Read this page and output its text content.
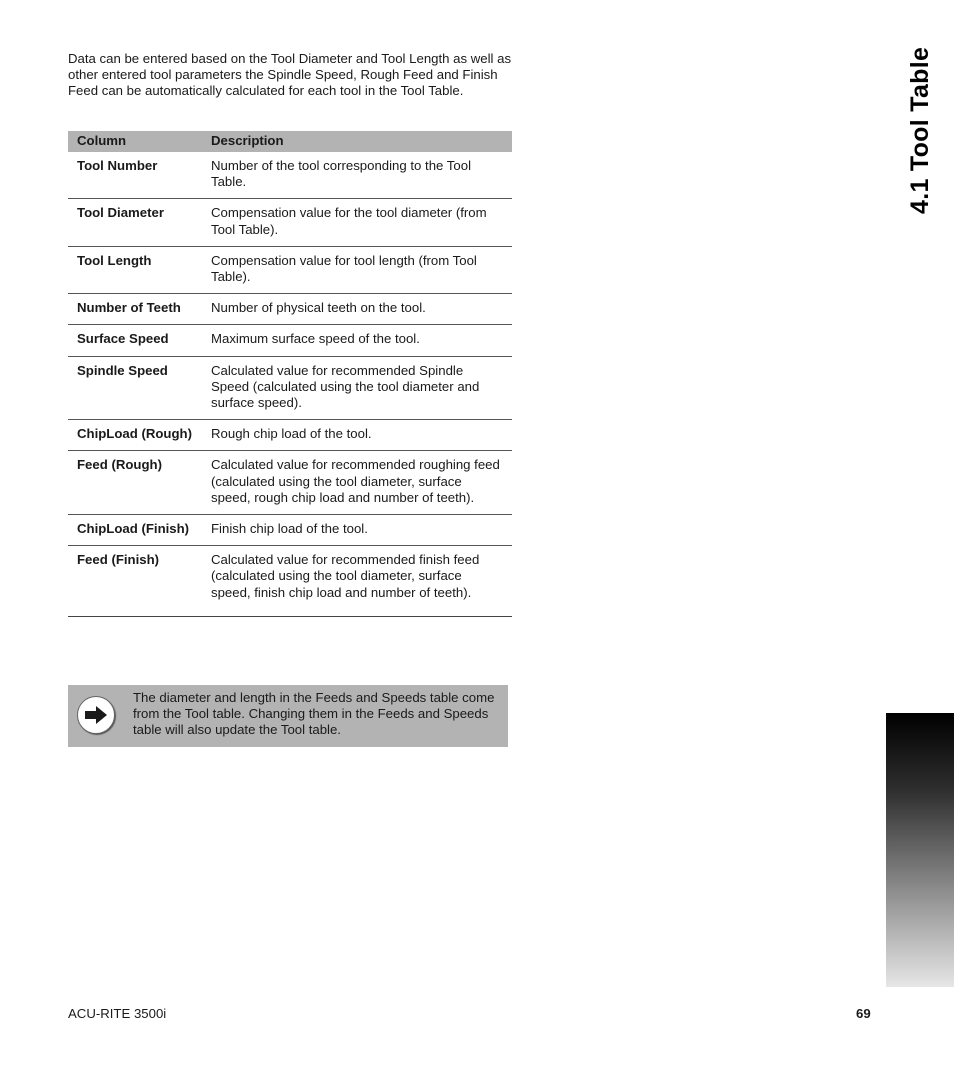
Data can be entered based on the Tool Diameter and Tool Length as well as other entered tool parameters the Spindle Speed, Rough Feed and Finish Feed can be automatically calculated for each tool in the Tool Table.

Column	Description
Tool Number	Number of the tool corresponding to the Tool Table.
Tool Diameter	Compensation value for the tool diameter (from Tool Table).
Tool Length	Compensation value for tool length (from Tool Table).
Number of Teeth	Number of physical teeth on the tool.
Surface Speed	Maximum surface speed of the tool.
Spindle Speed	Calculated value for recommended Spindle Speed (calculated using the tool diameter and surface speed).
ChipLoad (Rough)	Rough chip load of the tool.
Feed (Rough)	Calculated value for recommended roughing feed (calculated using the tool diameter, surface speed, rough chip load and number of teeth).
ChipLoad (Finish)	Finish chip load of the tool.
Feed (Finish)	Calculated value for recommended finish feed (calculated using the tool diameter, surface speed, finish chip load and number of teeth).
The diameter and length in the Feeds and Speeds table come from the Tool table. Changing them in the Feeds and Speeds table will also update the Tool table.
4.1 Tool Table
ACU-RITE 3500i	69
